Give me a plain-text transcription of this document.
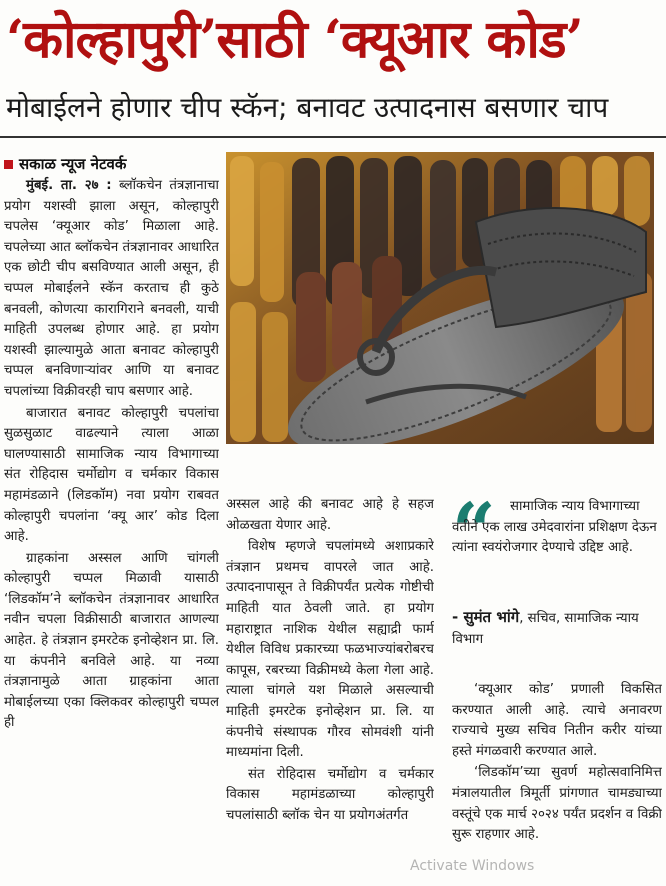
‘कोल्हापुरी’साठी ‘क्यूआर कोड’
मोबाईलने होणार चीप स्कॅन; बनावट उत्पादनास बसणार चाप
सकाळ न्यूज नेटवर्क

मुंबई. ता. २७ : ब्लॉकचेन तंत्रज्ञानाचा प्रयोग यशस्वी झाला असून, कोल्हापुरी चपलेस ‘क्यूआर कोड’ मिळाला आहे. चपलेच्या आत ब्लॉकचेन तंत्रज्ञानावर आधारित एक छोटी चीप बसविण्यात आली असून, ही चप्पल मोबाईलने स्कॅन करताच ही कुठे बनवली, कोणत्या कारागिराने बनवली, याची माहिती उपलब्ध होणार आहे. हा प्रयोग यशस्वी झाल्यामुळे आता बनावट कोल्हापुरी चप्पल बनविणाऱ्यांवर आणि या बनावट चपलांच्या विक्रीवरही चाप बसणार आहे.

बाजारात बनावट कोल्हापुरी चपलांचा सुळसुळाट वाढल्याने त्याला आळा घालण्यासाठी सामाजिक न्याय विभागाच्या संत रोहिदास चर्मोद्योग व चर्मकार विकास महामंडळाने (लिडकॉम) नवा प्रयोग राबवत कोल्हापुरी चपलांना ‘क्यू आर’ कोड दिला आहे.

ग्राहकांना अस्सल आणि चांगली कोल्हापुरी चप्पल मिळावी यासाठी ‘लिडकॉम’ने ब्लॉकचेन तंत्रज्ञानावर आधारित नवीन चपला विक्रीसाठी बाजारात आणल्या आहेत. हे तंत्रज्ञान इमरटेक इनोव्हेशन प्रा. लि. या कंपनीने बनविले आहे. या नव्या तंत्रज्ञानामुळे आता ग्राहकांना आता मोबाईलच्या एका क्लिकवर कोल्हापुरी चप्पल ही

अस्सल आहे की बनावट आहे हे सहज ओळखता येणार आहे.

विशेष म्हणजे चपलांमध्ये अशाप्रकारे तंत्रज्ञान प्रथमच वापरले जात आहे. उत्पादनापासून ते विक्रीपर्यंत प्रत्येक गोष्टीची माहिती यात ठेवली जाते. हा प्रयोग महाराष्ट्रात नाशिक येथील सह्याद्री फार्म येथील विविध प्रकारच्या फळभाज्यांबरोबरच कापूस, रबरच्या विक्रीमध्ये केला गेला आहे. त्याला चांगले यश मिळाले असल्याची माहिती इमरटेक इनोव्हेशन प्रा. लि. या कंपनीचे संस्थापक गौरव सोमवंशी यांनी माध्यमांना दिली.

संत रोहिदास चर्मोद्योग व चर्मकार विकास महामंडळाच्या कोल्हापुरी चपलांसाठी ब्लॉक चेन या प्रयोगअंतर्गत

“	सामाजिक न्याय विभागाच्या वतीने एक लाख उमेदवारांना प्रशिक्षण देऊन त्यांना स्वयंरोजगार देण्याचे उद्दिष्ट आहे.
- सुमंत भांगे, सचिव, सामाजिक न्याय विभाग

‘क्यूआर कोड’ प्रणाली विकसित करण्यात आली आहे. त्याचे अनावरण राज्याचे मुख्य सचिव नितीन करीर यांच्या हस्ते मंगळवारी करण्यात आले.

‘लिडकॉम’च्या सुवर्ण महोत्सवानिमित्त मंत्रालयातील त्रिमूर्ती प्रांगणात चामड्याच्या वस्तूंचे एक मार्च २०२४ पर्यंत प्रदर्शन व विक्री सुरू राहणार आहे.

Activate Windows
